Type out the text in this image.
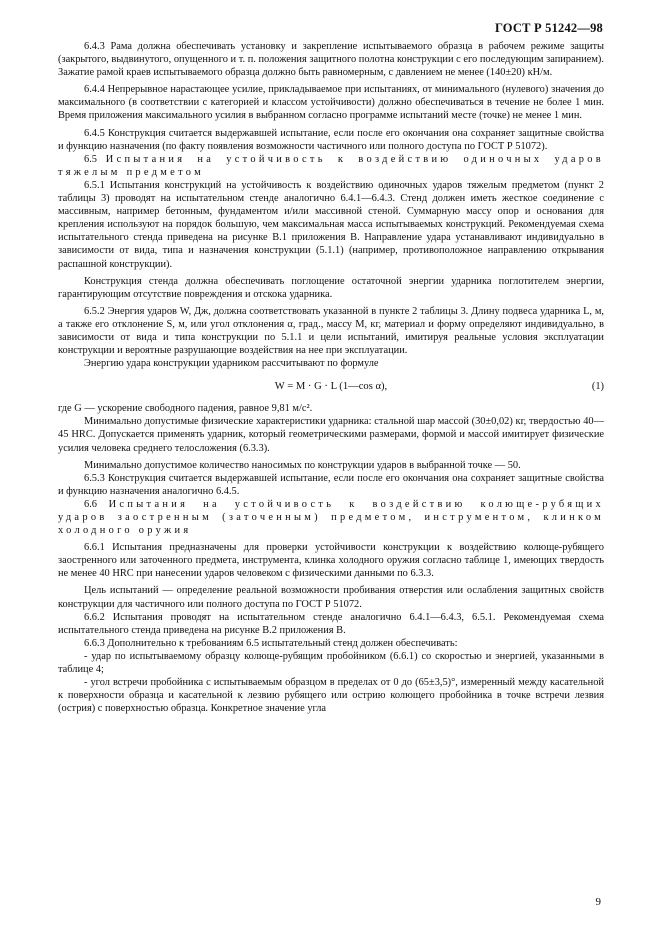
ГОСТ Р 51242—98

6.4.3 Рама должна обеспечивать установку и закрепление испытываемого образца в рабочем режиме защиты (закрытого, выдвинутого, опущенного и т. п. положения защитного полотна конструкции с его последующим запиранием). Зажатие рамой краев испытываемого образца должно быть равномерным, с давлением не менее (140±20) кН/м.

6.4.4 Непрерывное нарастающее усилие, прикладываемое при испытаниях, от минимального (нулевого) значения до максимального (в соответствии с категорией и классом устойчивости) должно обеспечиваться в течение не более 1 мин. Время приложения максимального усилия в выбранном согласно программе испытаний месте (точке) не менее 1 мин.

6.4.5 Конструкция считается выдержавшей испытание, если после его окончания она сохраняет защитные свойства и функцию назначения (по факту появления возможности частичного или полного доступа по ГОСТ Р 51072).

6.5 Испытания на устойчивость к воздействию одиночных ударов тяжелым предметом

6.5.1 Испытания конструкций на устойчивость к воздействию одиночных ударов тяжелым предметом (пункт 2 таблицы 3) проводят на испытательном стенде аналогично 6.4.1—6.4.3. Стенд должен иметь жесткое соединение с массивным, например бетонным, фундаментом и/или массивной стеной. Суммарную массу опор и основания для крепления используют на порядок большую, чем максимальная масса испытываемых конструкций. Рекомендуемая схема испытательного стенда приведена на рисунке В.1 приложения В. Направление удара устанавливают индивидуально в зависимости от вида, типа и назначения конструкции (5.1.1) (например, противоположное направлению открывания распашной конструкции).

Конструкция стенда должна обеспечивать поглощение остаточной энергии ударника поглотителем энергии, гарантирующим отсутствие повреждения и отскока ударника.

6.5.2 Энергия ударов W, Дж, должна соответствовать указанной в пункте 2 таблицы 3. Длину подвеса ударника L, м, а также его отклонение S, м, или угол отклонения α, град., массу M, кг, материал и форму определяют индивидуально, в зависимости от вида и типа конструкции по 5.1.1 и цели испытаний, имитируя реальные условия эксплуатации конструкции и вероятные разрушающие воздействия на нее при эксплуатации.

Энергию удара конструкции ударником рассчитывают по формуле

W = M · G · L (1—cos α),	(1)

где G — ускорение свободного падения, равное 9,81 м/с².

Минимально допустимые физические характеристики ударника: стальной шар массой (30±0,02) кг, твердостью 40—45 HRC. Допускается применять ударник, который геометрическими размерами, формой и массой имитирует физические усилия человека среднего телосложения (6.3.3).

Минимально допустимое количество наносимых по конструкции ударов в выбранной точке — 50.

6.5.3 Конструкция считается выдержавшей испытание, если после его окончания она сохраняет защитные свойства и функцию назначения аналогично 6.4.5.

6.6 Испытания на устойчивость к воздействию колюще-рубящих ударов заостренным (заточенным) предметом, инструментом, клинком холодного оружия

6.6.1 Испытания предназначены для проверки устойчивости конструкции к воздействию колюще-рубящего заостренного или заточенного предмета, инструмента, клинка холодного оружия согласно таблице 1, имеющих твердость не менее 40 HRC при нанесении ударов человеком с физическими данными по 6.3.3.

Цель испытаний — определение реальной возможности пробивания отверстия или ослабления защитных свойств конструкции для частичного или полного доступа по ГОСТ Р 51072.

6.6.2 Испытания проводят на испытательном стенде аналогично 6.4.1—6.4.3, 6.5.1. Рекомендуемая схема испытательного стенда приведена на рисунке В.2 приложения В.

6.6.3 Дополнительно к требованиям 6.5 испытательный стенд должен обеспечивать:

- удар по испытываемому образцу колюще-рубящим пробойником (6.6.1) со скоростью и энергией, указанными в таблице 4;

- угол встречи пробойника с испытываемым образцом в пределах от 0 до (65±3,5)°, измеренный между касательной к поверхности образца и касательной к лезвию рубящего или острию колющего пробойника в точке встречи лезвия (острия) с поверхностью образца. Конкретное значение угла

9
